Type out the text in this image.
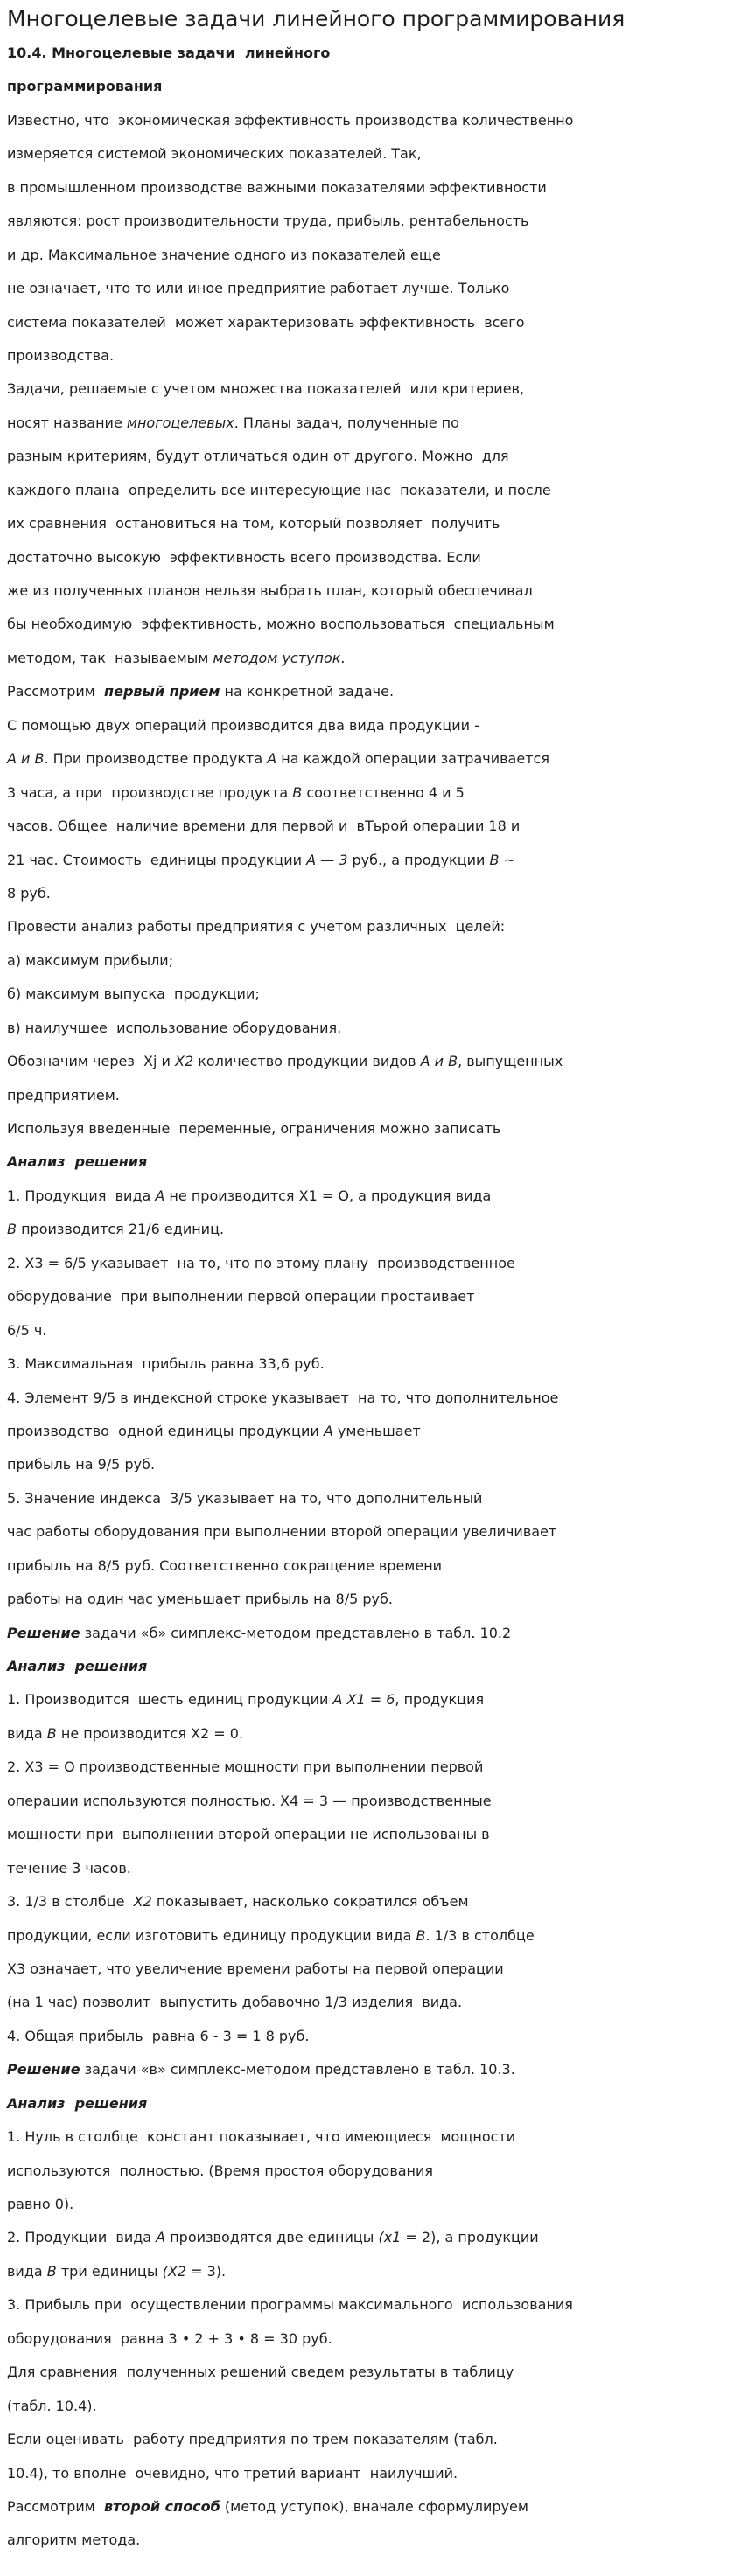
Многоцелевые задачи линейного программирования
10.4. Многоцелевые задачи  линейного
программирования
Известно, что  экономическая эффективность производства количественно
измеряется системой экономических показателей. Так,
в промышленном производстве важными показателями эффективности
являются: рост производительности труда, прибыль, рентабельность
и др. Максимальное значение одного из показателей еще
не означает, что то или иное предприятие работает лучше. Только
система показателей  может характеризовать эффективность  всего
производства.
Задачи, решаемые с учетом множества показателей  или критериев,
носят название многоцелевых. Планы задач, полученные по
разным критериям, будут отличаться один от другого. Можно  для
каждого плана  определить все интересующие нас  показатели, и после
их сравнения  остановиться на том, который позволяет  получить
достаточно высокую  эффективность всего производства. Если
же из полученных планов нельзя выбрать план, который обеспечивал
бы необходимую  эффективность, можно воспользоваться  специальным
методом, так  называемым методом уступок.
Рассмотрим  первый прием на конкретной задаче.
С помощью двух операций производится два вида продукции -
А и В. При производстве продукта А на каждой операции затрачивается
3 часа, а при  производстве продукта В соответственно 4 и 5
часов. Общее  наличие времени для первой и  вТьрой операции 18 и
21 час. Стоимость  единицы продукции А — 3 руб., а продукции В ~
8 руб.
Провести анализ работы предприятия с учетом различных  целей:
а) максимум прибыли;
б) максимум выпуска  продукции;
в) наилучшее  использование оборудования.
Обозначим через  Xj и X2 количество продукции видов А и В, выпущенных
предприятием.
Используя введенные  переменные, ограничения можно записать
Анализ  решения
1. Продукция  вида А не производится X1 = О, а продукция вида
В производится 21/6 единиц.
2. X3 = 6/5 указывает  на то, что по этому плану  производственное
оборудование  при выполнении первой операции простаивает
6/5 ч.
3. Максимальная  прибыль равна 33,6 руб.
4. Элемент 9/5 в индексной строке указывает  на то, что дополнительное
производство  одной единицы продукции А уменьшает
прибыль на 9/5 руб.
5. Значение индекса  3/5 указывает на то, что дополнительный
час работы оборудования при выполнении второй операции увеличивает
прибыль на 8/5 руб. Соответственно сокращение времени
работы на один час уменьшает прибыль на 8/5 руб.
Решение задачи «б» симплекс-методом представлено в табл. 10.2
Анализ  решения
1. Производится  шесть единиц продукции А X1 = 6, продукция
вида В не производится X2 = 0.
2. X3 = О производственные мощности при выполнении первой
операции используются полностью. X4 = 3 — производственные
мощности при  выполнении второй операции не использованы в
течение 3 часов.
3. 1/3 в столбце  X2 показывает, насколько сократился объем
продукции, если изготовить единицу продукции вида В. 1/3 в столбце
X3 означает, что увеличение времени работы на первой операции
(на 1 час) позволит  выпустить добавочно 1/3 изделия  вида.
4. Общая прибыль  равна 6 - 3 = 1 8 руб.
Решение задачи «в» симплекс-методом представлено в табл. 10.3.
Анализ  решения
1. Нуль в столбце  констант показывает, что имеющиеся  мощности
используются  полностью. (Время простоя оборудования
равно 0).
2. Продукции  вида А производятся две единицы (x1 = 2), а продукции
вида В три единицы (X2 = 3).
3. Прибыль при  осуществлении программы максимального  использования
оборудования  равна 3 • 2 + 3 • 8 = 30 руб.
Для сравнения  полученных решений сведем результаты в таблицу
(табл. 10.4).
Если оценивать  работу предприятия по трем показателям (табл.
10.4), то вполне  очевидно, что третий вариант  наилучший.
Рассмотрим  второй способ (метод уступок), вначале сформулируем
алгоритм метода.
